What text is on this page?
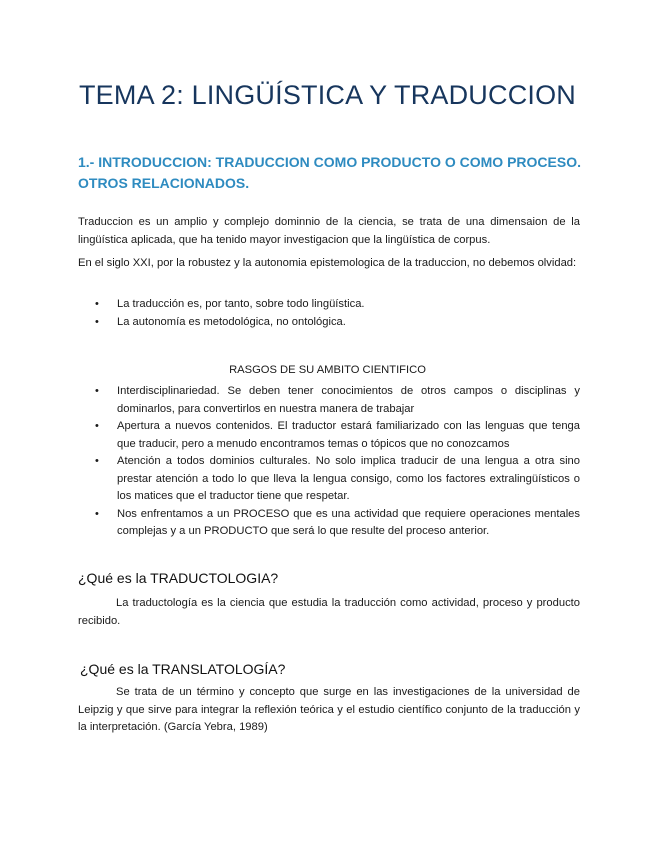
TEMA 2: LINGÜÍSTICA Y TRADUCCION
1.- INTRODUCCION: TRADUCCION COMO PRODUCTO O COMO PROCESO. OTROS RELACIONADOS.

Traduccion es un amplio y complejo dominnio de la ciencia, se trata de una dimensaion de la lingüística aplicada, que ha tenido mayor investigacion que la lingüística de corpus.

En el siglo XXI, por la robustez y la autonomia epistemologica de la traduccion, no debemos olvidad:

• La traducción es, por tanto, sobre todo lingüística.
• La autonomía es metodológica, no ontológica.
RASGOS DE SU AMBITO CIENTIFICO
• Interdisciplinariedad. Se deben tener conocimientos de otros campos o disciplinas y dominarlos, para convertirlos en nuestra manera de trabajar
• Apertura a nuevos contenidos. El traductor estará familiarizado con las lenguas que tenga que traducir, pero a menudo encontramos temas o tópicos que no conozcamos
• Atención a todos dominios culturales. No solo implica traducir de una lengua a otra sino prestar atención a todo lo que lleva la lengua consigo, como los factores extralingüísticos o los matices que el traductor tiene que respetar.
• Nos enfrentamos a un PROCESO que es una actividad que requiere operaciones mentales complejas y a un PRODUCTO que será lo que resulte del proceso anterior.
¿Qué es la TRADUCTOLOGIA?

La traductología es la ciencia que estudia la traducción como actividad, proceso y producto recibido.

¿Qué es la TRANSLATOLOGÍA?

Se trata de un término y concepto que surge en las investigaciones de la universidad de Leipzig y que sirve para integrar la reflexión teórica y el estudio científico conjunto de la traducción y la interpretación. (García Yebra, 1989)
